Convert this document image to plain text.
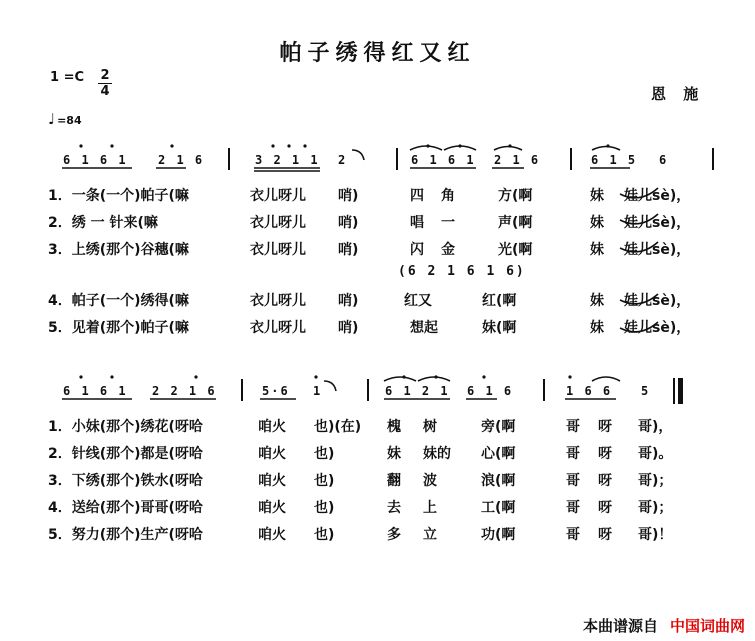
帕子绣得红又红
$1 =C \frac{2}{4}$
♩ =84
恩 施
6 1 6 1	2 1 6	3 2 1 1 2	6 1 6 1 2 1 6	6 1 5 6
1．一条(一个)帕子(嘛	衣儿呀儿 哨)	四 角	方(啊	妹 娃儿sè)，
2．绣 一 针来(嘛	衣儿呀儿 哨)	唱 一	声(啊	妹 娃儿sè)，
3．上绣(那个)谷穗(嘛	衣儿呀儿 哨)	闪 金	光(啊	妹 娃儿sè)，
(6 2 1 6 1 6)
4．帕子(一个)绣得(嘛	衣儿呀儿 哨)	红又	红(啊	妹 娃儿sè)，
5．见着(那个)帕子(嘛	衣儿呀儿 哨)	想起	妹(啊	妹 娃儿sè)，
6 1 6 1 2 2 1 6	5·6 1	6 1 2 1 6 1 6	1 6 6 5
1．小妹(那个)绣花(呀哈	咱火 也)(在) 槐 树	旁(啊	哥 呀 哥)，
2．针线(那个)都是(呀哈	咱火 也)	妹 妹的 心(啊	哥 呀 哥)。
3．下绣(那个)铁水(呀哈	咱火 也)	翻 波	浪(啊	哥 呀 哥)；
4．送给(那个)哥哥(呀哈	咱火 也)	去 上	工(啊	哥 呀 哥)；
5．努力(那个)生产(呀哈	咱火 也)	多 立	功(啊	哥 呀 哥)！
本曲谱源自 中国词曲网
